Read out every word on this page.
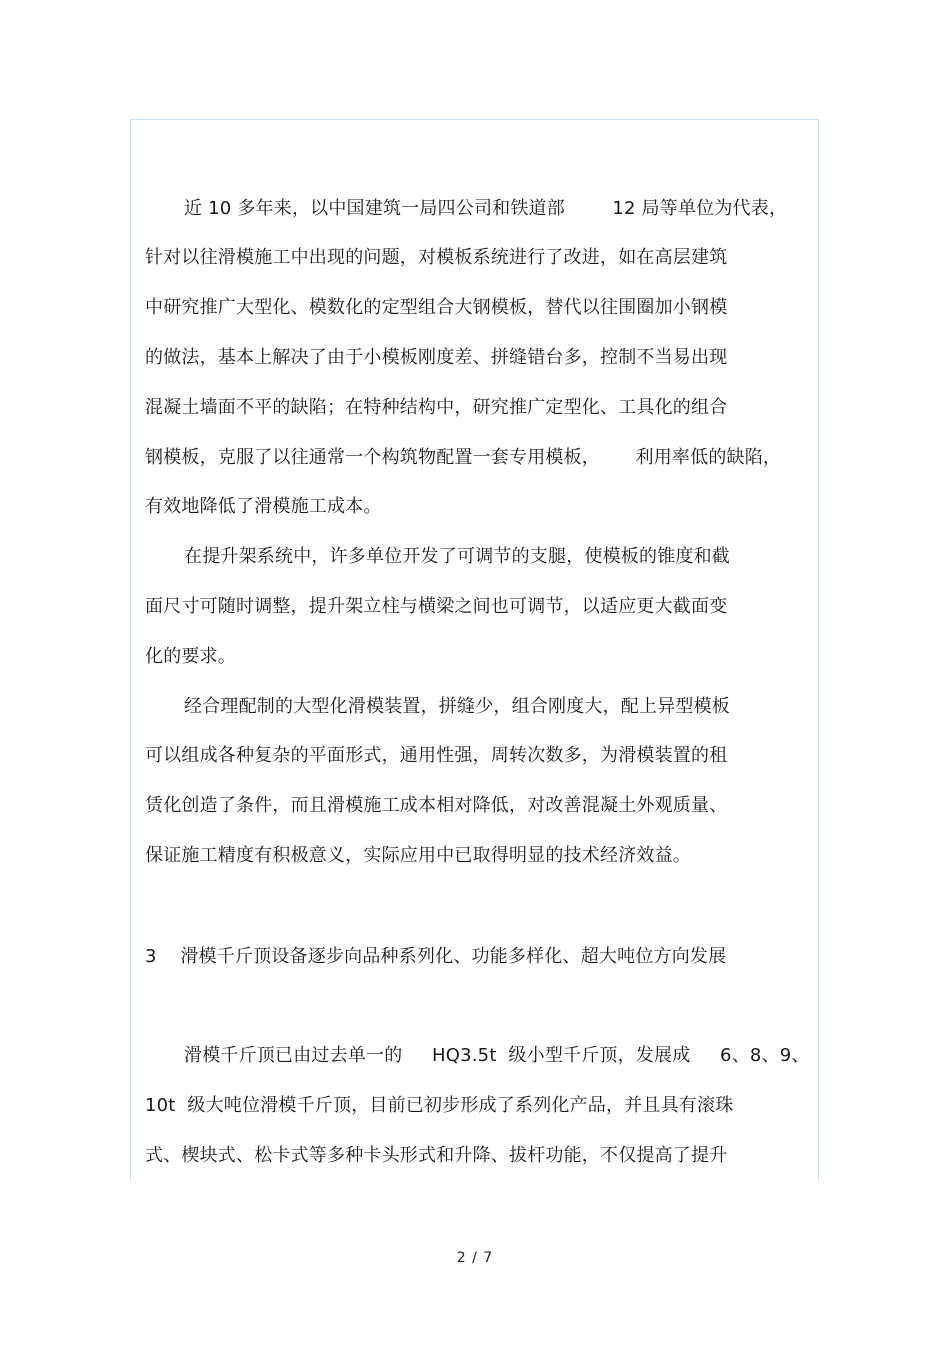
近 10 多年来，以中国建筑一局四公司和铁道部        12 局等单位为代表，
针对以往滑模施工中出现的问题，对模板系统进行了改进，如在高层建筑
中研究推广大型化、模数化的定型组合大钢模板，替代以往围圈加小钢模
的做法，基本上解决了由于小模板刚度差、拼缝错台多，控制不当易出现
混凝土墙面不平的缺陷；在特种结构中，研究推广定型化、工具化的组合
钢模板，克服了以往通常一个构筑物配置一套专用模板，      利用率低的缺陷，
有效地降低了滑模施工成本。
在提升架系统中，许多单位开发了可调节的支腿，使模板的锥度和截
面尺寸可随时调整，提升架立柱与横梁之间也可调节，以适应更大截面变
化的要求。
经合理配制的大型化滑模装置，拼缝少，组合刚度大，配上异型模板
可以组成各种复杂的平面形式，通用性强，周转次数多，为滑模装置的租
赁化创造了条件，而且滑模施工成本相对降低，对改善混凝土外观质量、
保证施工精度有积极意义，实际应用中已取得明显的技术经济效益。
3    滑模千斤顶设备逐步向品种系列化、功能多样化、超大吨位方向发展
滑模千斤顶已由过去单一的     HQ3.5t  级小型千斤顶，发展成     6、8、9、
10t  级大吨位滑模千斤顶，目前已初步形成了系列化产品，并且具有滚珠
式、楔块式、松卡式等多种卡头形式和升降、拔杆功能，不仅提高了提升
2 / 7
